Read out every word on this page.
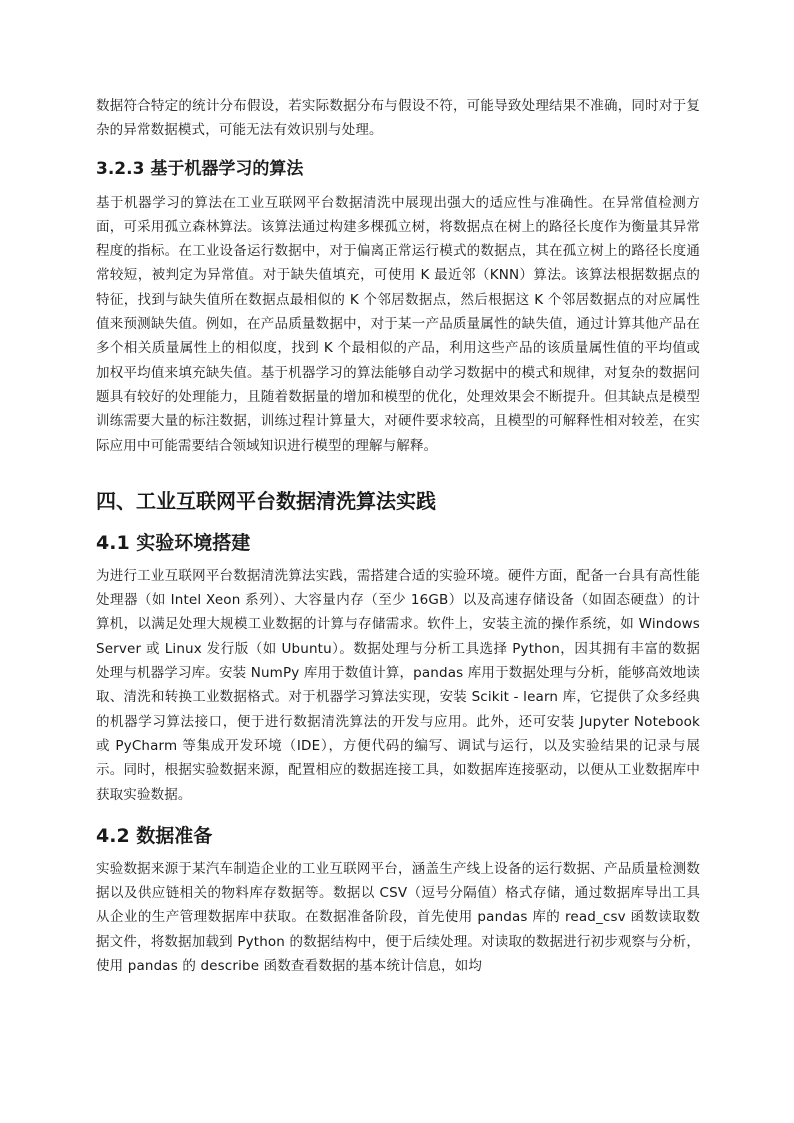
数据符合特定的统计分布假设，若实际数据分布与假设不符，可能导致处理结果不准确，同时对于复杂的异常数据模式，可能无法有效识别与处理。

3.2.3 基于机器学习的算法

基于机器学习的算法在工业互联网平台数据清洗中展现出强大的适应性与准确性。在异常值检测方面，可采用孤立森林算法。该算法通过构建多棵孤立树，将数据点在树上的路径长度作为衡量其异常程度的指标。在工业设备运行数据中，对于偏离正常运行模式的数据点，其在孤立树上的路径长度通常较短，被判定为异常值。对于缺失值填充，可使用 K 最近邻（KNN）算法。该算法根据数据点的特征，找到与缺失值所在数据点最相似的 K 个邻居数据点，然后根据这 K 个邻居数据点的对应属性值来预测缺失值。例如，在产品质量数据中，对于某一产品质量属性的缺失值，通过计算其他产品在多个相关质量属性上的相似度，找到 K 个最相似的产品，利用这些产品的该质量属性值的平均值或加权平均值来填充缺失值。基于机器学习的算法能够自动学习数据中的模式和规律，对复杂的数据问题具有较好的处理能力，且随着数据量的增加和模型的优化，处理效果会不断提升。但其缺点是模型训练需要大量的标注数据，训练过程计算量大，对硬件要求较高，且模型的可解释性相对较差，在实际应用中可能需要结合领域知识进行模型的理解与解释。

四、工业互联网平台数据清洗算法实践
4.1 实验环境搭建

为进行工业互联网平台数据清洗算法实践，需搭建合适的实验环境。硬件方面，配备一台具有高性能处理器（如 Intel Xeon 系列）、大容量内存（至少 16GB）以及高速存储设备（如固态硬盘）的计算机，以满足处理大规模工业数据的计算与存储需求。软件上，安装主流的操作系统，如 Windows Server 或 Linux 发行版（如 Ubuntu）。数据处理与分析工具选择 Python，因其拥有丰富的数据处理与机器学习库。安装 NumPy 库用于数值计算，pandas 库用于数据处理与分析，能够高效地读取、清洗和转换工业数据格式。对于机器学习算法实现，安装 Scikit - learn 库，它提供了众多经典的机器学习算法接口，便于进行数据清洗算法的开发与应用。此外，还可安装 Jupyter Notebook 或 PyCharm 等集成开发环境（IDE），方便代码的编写、调试与运行，以及实验结果的记录与展示。同时，根据实验数据来源，配置相应的数据连接工具，如数据库连接驱动，以便从工业数据库中获取实验数据。

4.2 数据准备

实验数据来源于某汽车制造企业的工业互联网平台，涵盖生产线上设备的运行数据、产品质量检测数据以及供应链相关的物料库存数据等。数据以 CSV（逗号分隔值）格式存储，通过数据库导出工具从企业的生产管理数据库中获取。在数据准备阶段，首先使用 pandas 库的 read_csv 函数读取数据文件，将数据加载到 Python 的数据结构中，便于后续处理。对读取的数据进行初步观察与分析，使用 pandas 的 describe 函数查看数据的基本统计信息，如均
